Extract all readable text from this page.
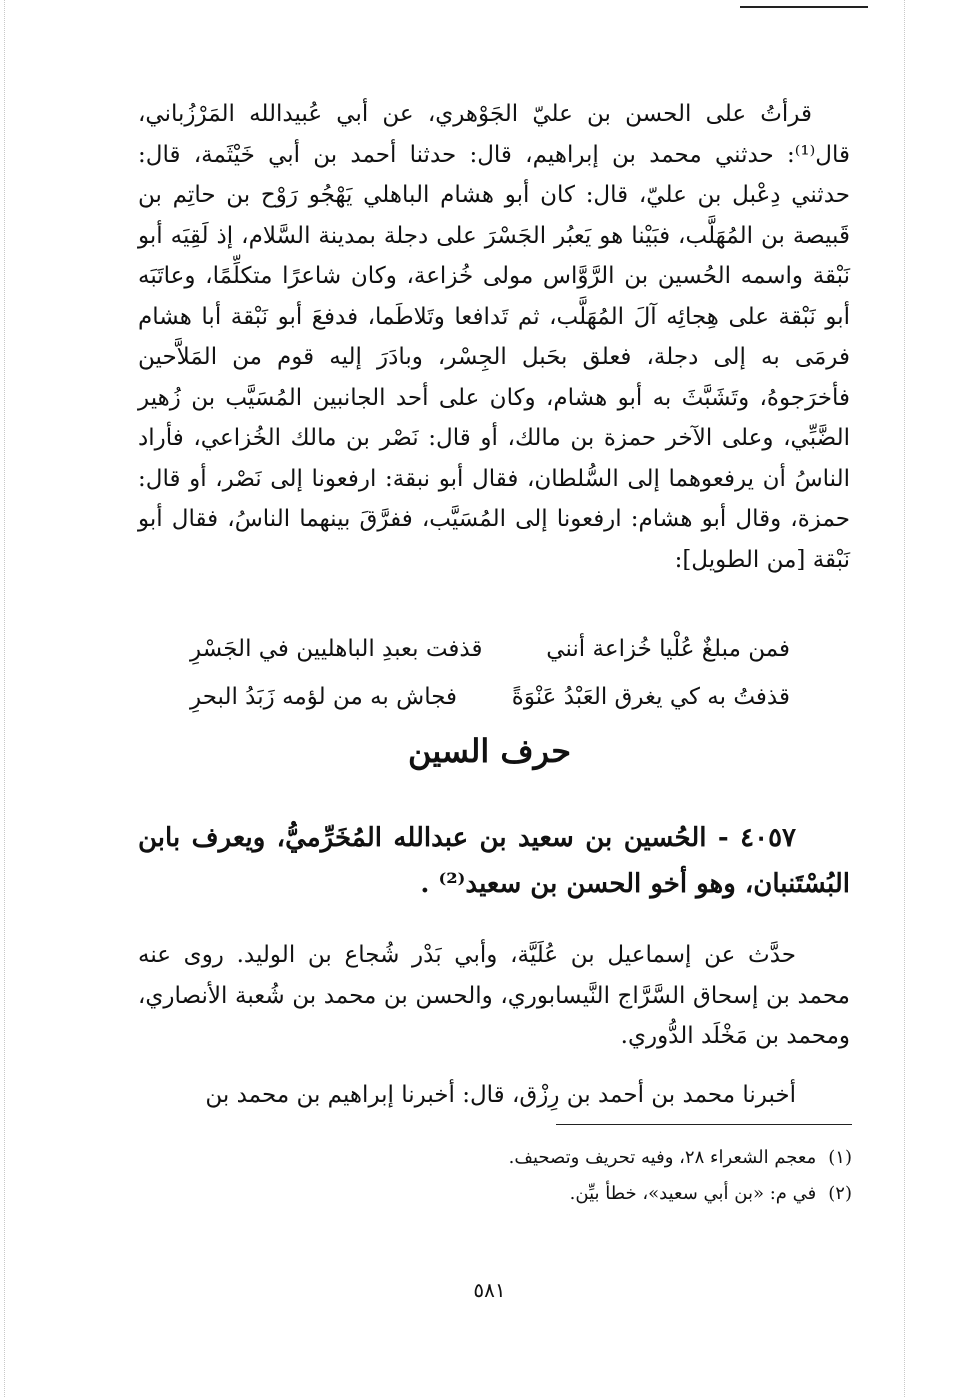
قرأتُ على الحسن بن عليّ الجَوْهري، عن أبي عُبيدالله المَرْزُباني، قال⁽¹⁾: حدثني محمد بن إبراهيم، قال: حدثنا أحمد بن أبي خَيْثَمة، قال: حدثني دِعْبل بن عليّ، قال: كان أبو هشام الباهلي يَهْجُو رَوْح بن حاتِم بن قَبيصة بن المُهَلَّب، فبَيْنا هو يَعبُر الجَسْرَ على دجلة بمدينة السَّلام، إذ لَقِيَه أبو نَبْقة واسمه الحُسين بن الرَّوَّاس مولى خُزاعة، وكان شاعرًا متكلِّمًا، وعاتَبَه أبو نَبْقة على هِجائِه آلَ المُهَلَّب، ثم تَدافعا وتَلاطَما، فدفعَ أبو نَبْقة أبا هشام فرمَى به إلى دجلة، فعلق بحَبل الجِسْر، وبادَرَ إليه قوم من المَلاَّحين فأخرَجوهُ، وتَشَبَّثَ به أبو هشام، وكان على أحد الجانبين المُسَيَّب بن زُهير الضَّبِّي، وعلى الآخر حمزة بن مالك، أو قال: نَصْر بن مالك الخُزاعي، فأراد الناسُ أن يرفعوهما إلى السُّلطان، فقال أبو نبقة: ارفعونا إلى نَصْر، أو قال: حمزة، وقال أبو هشام: ارفعونا إلى المُسَيَّب، ففرَّقَ بينهما الناسُ، فقال أبو نَبْقة [من الطويل]:

فمن مبلغٌ عُلْيا خُزاعة أنني
قذفت بعبدِ الباهليين في الجَسْرِ
قذفتُ به كي يغرق العَبْدُ عَنْوَةً
فجاش به من لؤمه زَبَدُ البحرِ
حرف السين

٤٠٥٧ - الحُسين بن سعيد بن عبدالله المُخَرِّميُّ، ويعرف بابن البُسْتَنبان، وهو أخو الحسن بن سعيد⁽²⁾ .

حدَّث عن إسماعيل بن عُلَيَّة، وأبي بَدْر شُجاع بن الوليد. روى عنه محمد بن إسحاق السَّرَّاج النَّيسابوري، والحسن بن محمد بن شُعبة الأنصاري، ومحمد بن مَخْلَد الدُّوري.

أخبرنا محمد بن أحمد بن رِزْق، قال: أخبرنا إبراهيم بن محمد بن

(١)معجم الشعراء ٢٨، وفيه تحريف وتصحيف.
(٢)في م: «بن أبي سعيد»، خطأ بيِّن.
٥٨١
